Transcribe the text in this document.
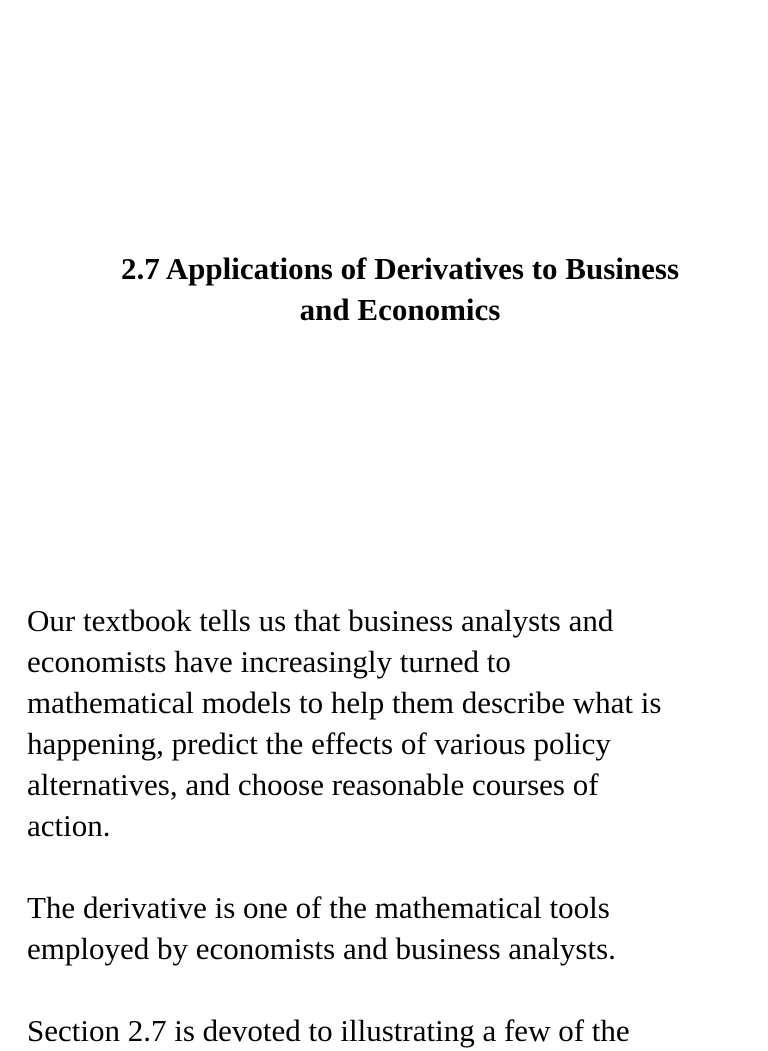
2.7 Applications of Derivatives to Business
and Economics

Our textbook tells us that business analysts and
economists have increasingly turned to
mathematical models to help them describe what is
happening, predict the effects of various policy
alternatives, and choose reasonable courses of
action.

The derivative is one of the mathematical tools
employed by economists and business analysts.

Section 2.7 is devoted to illustrating a few of the
